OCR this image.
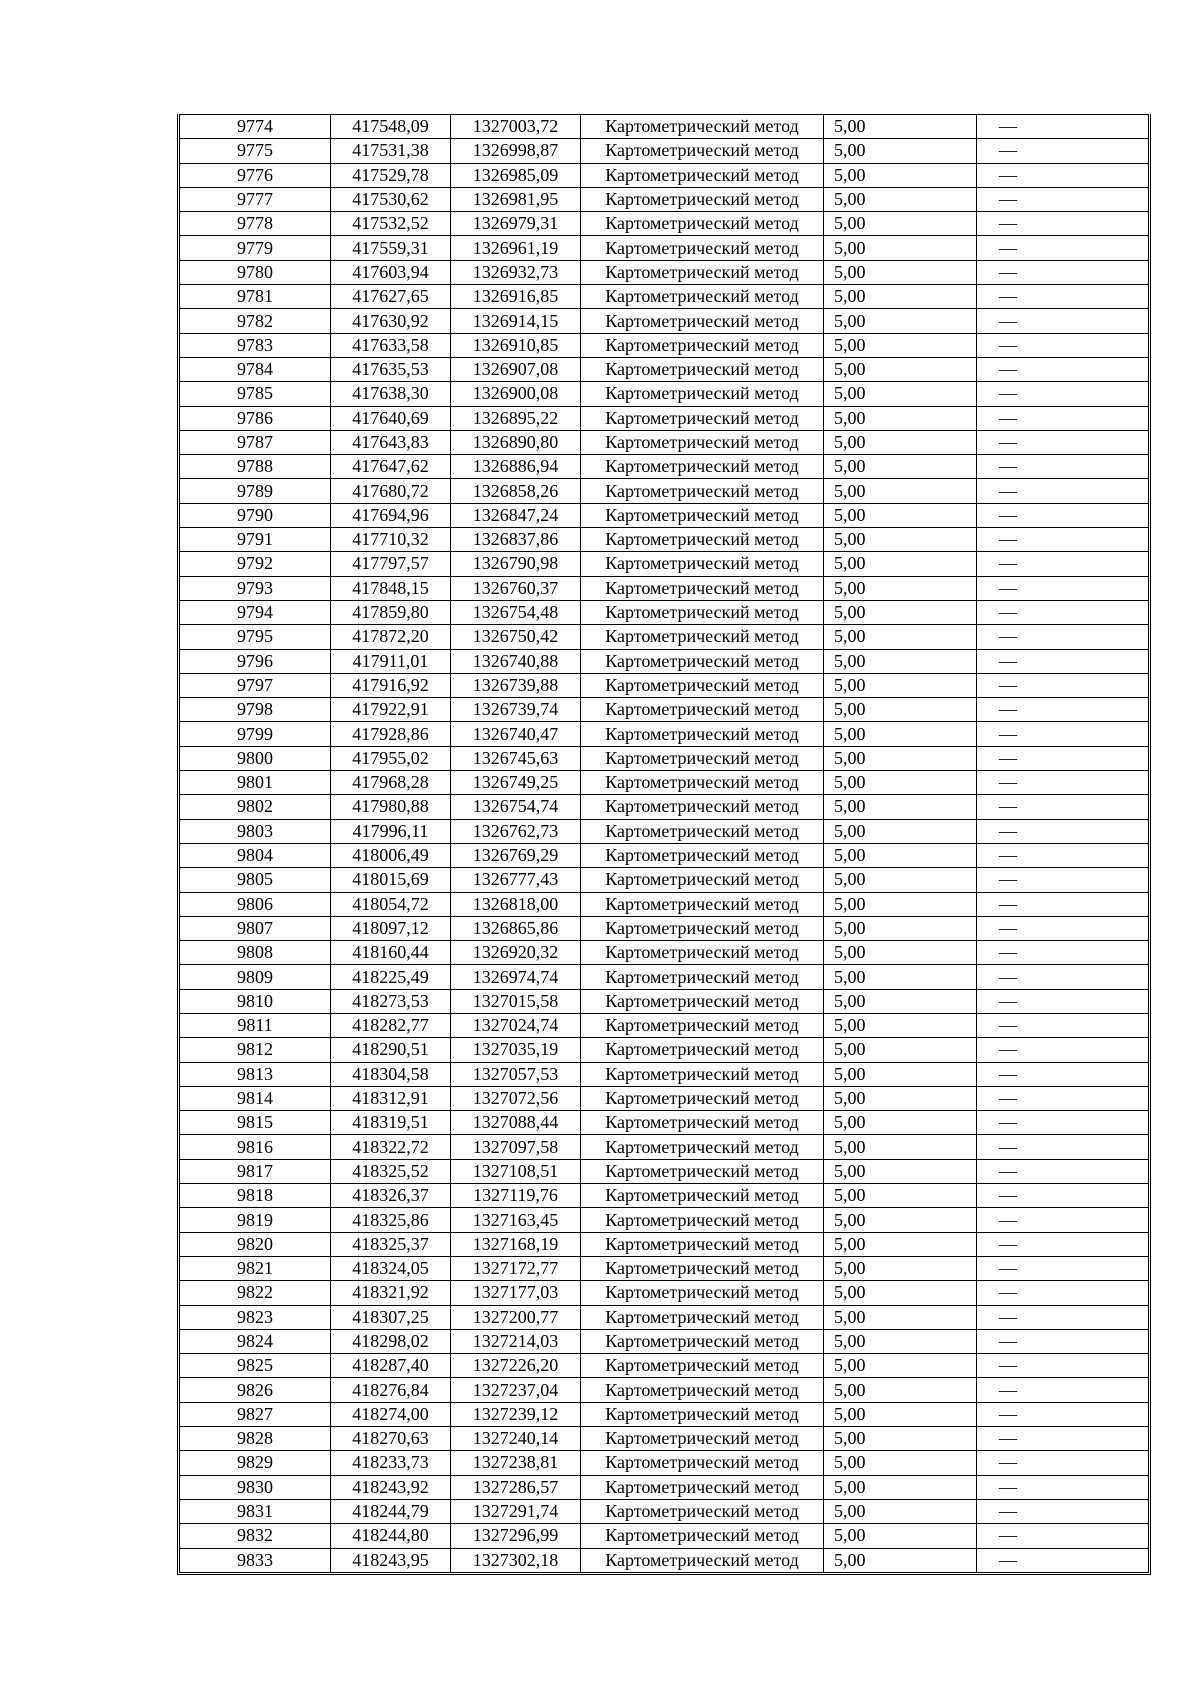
9774	417548,09	1327003,72	Картометрический метод	5,00	—
9775	417531,38	1326998,87	Картометрический метод	5,00	—
9776	417529,78	1326985,09	Картометрический метод	5,00	—
9777	417530,62	1326981,95	Картометрический метод	5,00	—
9778	417532,52	1326979,31	Картометрический метод	5,00	—
9779	417559,31	1326961,19	Картометрический метод	5,00	—
9780	417603,94	1326932,73	Картометрический метод	5,00	—
9781	417627,65	1326916,85	Картометрический метод	5,00	—
9782	417630,92	1326914,15	Картометрический метод	5,00	—
9783	417633,58	1326910,85	Картометрический метод	5,00	—
9784	417635,53	1326907,08	Картометрический метод	5,00	—
9785	417638,30	1326900,08	Картометрический метод	5,00	—
9786	417640,69	1326895,22	Картометрический метод	5,00	—
9787	417643,83	1326890,80	Картометрический метод	5,00	—
9788	417647,62	1326886,94	Картометрический метод	5,00	—
9789	417680,72	1326858,26	Картометрический метод	5,00	—
9790	417694,96	1326847,24	Картометрический метод	5,00	—
9791	417710,32	1326837,86	Картометрический метод	5,00	—
9792	417797,57	1326790,98	Картометрический метод	5,00	—
9793	417848,15	1326760,37	Картометрический метод	5,00	—
9794	417859,80	1326754,48	Картометрический метод	5,00	—
9795	417872,20	1326750,42	Картометрический метод	5,00	—
9796	417911,01	1326740,88	Картометрический метод	5,00	—
9797	417916,92	1326739,88	Картометрический метод	5,00	—
9798	417922,91	1326739,74	Картометрический метод	5,00	—
9799	417928,86	1326740,47	Картометрический метод	5,00	—
9800	417955,02	1326745,63	Картометрический метод	5,00	—
9801	417968,28	1326749,25	Картометрический метод	5,00	—
9802	417980,88	1326754,74	Картометрический метод	5,00	—
9803	417996,11	1326762,73	Картометрический метод	5,00	—
9804	418006,49	1326769,29	Картометрический метод	5,00	—
9805	418015,69	1326777,43	Картометрический метод	5,00	—
9806	418054,72	1326818,00	Картометрический метод	5,00	—
9807	418097,12	1326865,86	Картометрический метод	5,00	—
9808	418160,44	1326920,32	Картометрический метод	5,00	—
9809	418225,49	1326974,74	Картометрический метод	5,00	—
9810	418273,53	1327015,58	Картометрический метод	5,00	—
9811	418282,77	1327024,74	Картометрический метод	5,00	—
9812	418290,51	1327035,19	Картометрический метод	5,00	—
9813	418304,58	1327057,53	Картометрический метод	5,00	—
9814	418312,91	1327072,56	Картометрический метод	5,00	—
9815	418319,51	1327088,44	Картометрический метод	5,00	—
9816	418322,72	1327097,58	Картометрический метод	5,00	—
9817	418325,52	1327108,51	Картометрический метод	5,00	—
9818	418326,37	1327119,76	Картометрический метод	5,00	—
9819	418325,86	1327163,45	Картометрический метод	5,00	—
9820	418325,37	1327168,19	Картометрический метод	5,00	—
9821	418324,05	1327172,77	Картометрический метод	5,00	—
9822	418321,92	1327177,03	Картометрический метод	5,00	—
9823	418307,25	1327200,77	Картометрический метод	5,00	—
9824	418298,02	1327214,03	Картометрический метод	5,00	—
9825	418287,40	1327226,20	Картометрический метод	5,00	—
9826	418276,84	1327237,04	Картометрический метод	5,00	—
9827	418274,00	1327239,12	Картометрический метод	5,00	—
9828	418270,63	1327240,14	Картометрический метод	5,00	—
9829	418233,73	1327238,81	Картометрический метод	5,00	—
9830	418243,92	1327286,57	Картометрический метод	5,00	—
9831	418244,79	1327291,74	Картометрический метод	5,00	—
9832	418244,80	1327296,99	Картометрический метод	5,00	—
9833	418243,95	1327302,18	Картометрический метод	5,00	—
